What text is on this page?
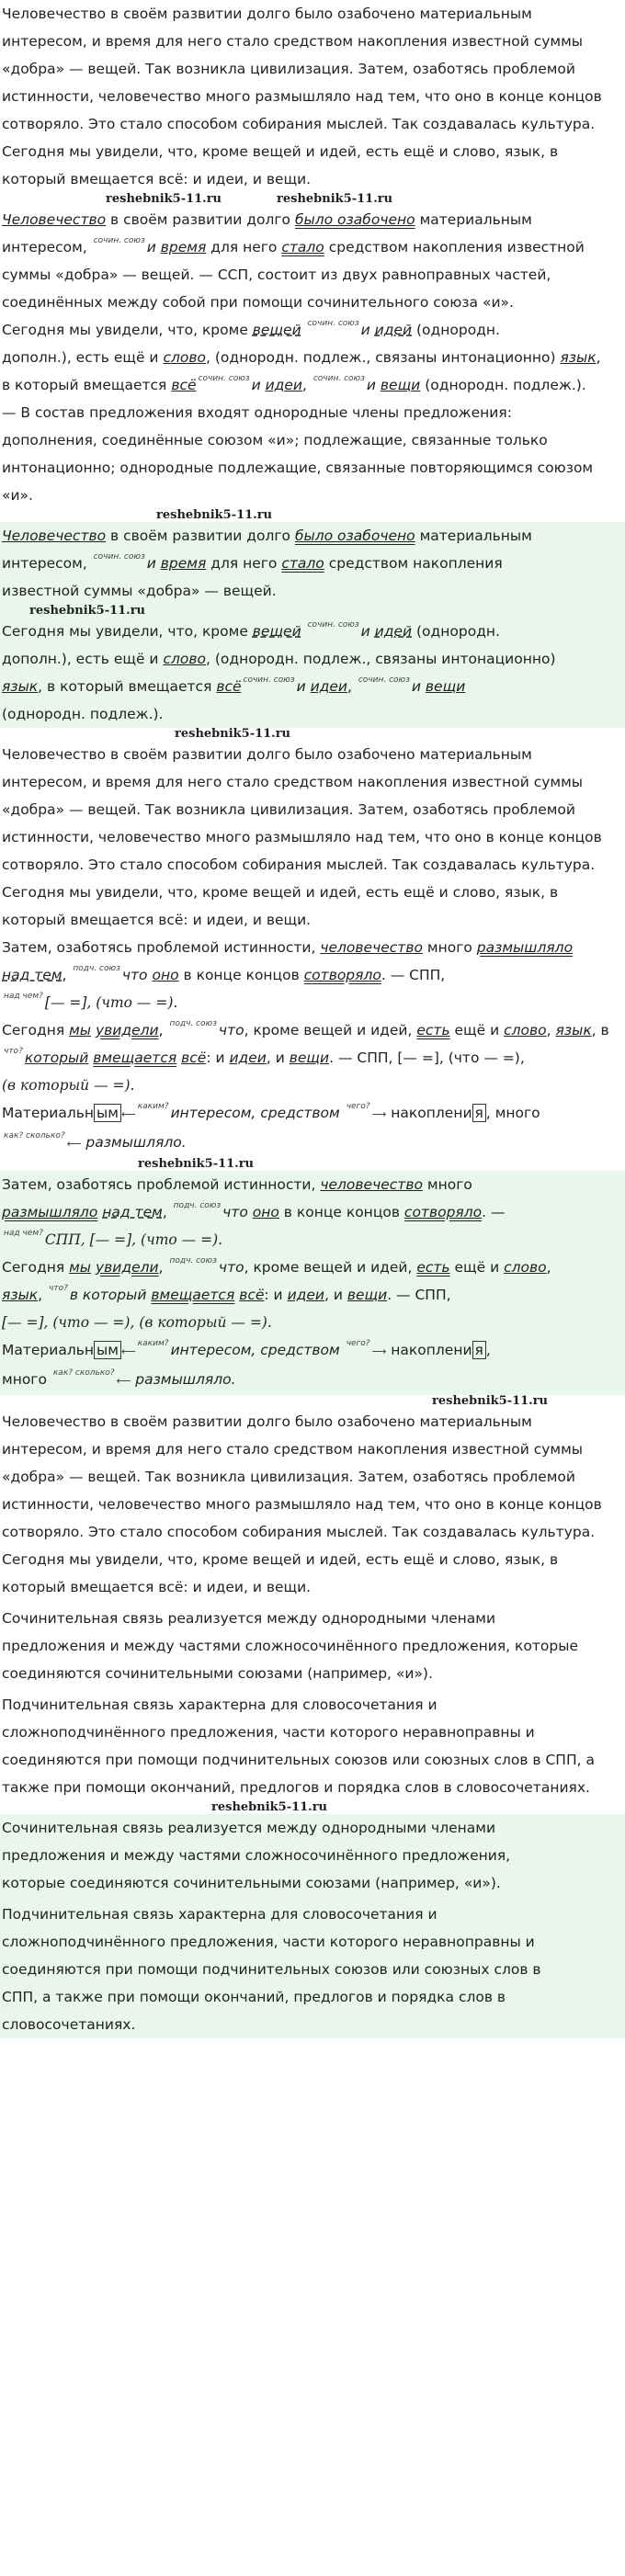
Человечество в своём развитии долго было озабочено материальным
интересом, и время для него стало средством накопления известной суммы
«добра» — вещей. Так возникла цивилизация. Затем, озаботясь проблемой
истинности, человечество много размышляло над тем, что оно в конце концов
сотворяло. Это стало способом собирания мыслей. Так создавалась культура.
Сегодня мы увидели, что, кроме вещей и идей, есть ещё и слово, язык, в
который вмещается всё: и идеи, и вещи.

reshebnik5-11.ru	reshebnik5-11.ru

Человечество в своём развитии долго было озабочено материальным
интересом, $^{сочин. союз}$ и время для него стало средством накопления известной
суммы «добра» — вещей. — ССП, состоит из двух равноправных частей,
соединённых между собой при помощи сочинительного союза «и».
Сегодня мы увидели, что, кроме вещей $^{сочин. союз}$ и идей (однородн.
дополн.), есть ещё и слово, (однородн. подлеж., связаны интонационно) язык,
в который вмещается всё $^{сочин. союз}$ и идеи, $^{сочин. союз}$ и вещи (однородн. подлеж.).
— В состав предложения входят однородные члены предложения:
дополнения, соединённые союзом «и»; подлежащие, связанные только
интонационно; однородные подлежащие, связанные повторяющимся союзом
«и».

reshebnik5-11.ru

Человечество в своём развитии долго было озабочено материальным
интересом, $^{сочин. союз}$ и время для него стало средством накопления
известной суммы «добра» — вещей.

reshebnik5-11.ru
Сегодня мы увидели, что, кроме вещей $^{сочин. союз}$ и идей (однородн.
дополн.), есть ещё и слово, (однородн. подлеж., связаны интонационно)
язык, в который вмещается всё $^{сочин. союз}$ и идеи, $^{сочин. союз}$ и вещи
(однородн. подлеж.).

reshebnik5-11.ru

Человечество в своём развитии долго было озабочено материальным
интересом, и время для него стало средством накопления известной суммы
«добра» — вещей. Так возникла цивилизация. Затем, озаботясь проблемой
истинности, человечество много размышляло над тем, что оно в конце концов
сотворяло. Это стало способом собирания мыслей. Так создавалась культура.
Сегодня мы увидели, что, кроме вещей и идей, есть ещё и слово, язык, в
который вмещается всё: и идеи, и вещи.

Затем, озаботясь проблемой истинности, человечество много размышляло
над тем, $^{подч. союз}$ что оно в конце концов сотворяло. — СПП,
$^{над чем?}$ [— =], (что — =).
Сегодня мы увидели, $^{подч. союз}$ что, кроме вещей и идей, есть ещё и слово, язык, в
$^{что?}$ который вмещается всё: и идеи, и вещи. — СПП, [— =], (что — =),
(в который — =).
Материальн ым ⟵$^{каким?}$ интересом, средством $^{чего?}$⟶ накоплени я , много
$^{как? сколько?}$⟵ размышляло.

reshebnik5-11.ru

Затем, озаботясь проблемой истинности, человечество много
размышляло над тем, $^{подч. союз}$ что оно в конце концов сотворяло. —
$^{над чем?}$ СПП, [— =], (что — =).
Сегодня мы увидели, $^{подч. союз}$ что, кроме вещей и идей, есть ещё и слово,
язык, $^{что?}$ в который вмещается всё: и идеи, и вещи. — СПП,
[— =], (что — =), (в который — =).
Материальн ым ⟵$^{каким?}$ интересом, средством $^{чего?}$⟶ накоплени я ,
много $^{как? сколько?}$⟵ размышляло.

reshebnik5-11.ru

Человечество в своём развитии долго было озабочено материальным
интересом, и время для него стало средством накопления известной суммы
«добра» — вещей. Так возникла цивилизация. Затем, озаботясь проблемой
истинности, человечество много размышляло над тем, что оно в конце концов
сотворяло. Это стало способом собирания мыслей. Так создавалась культура.
Сегодня мы увидели, что, кроме вещей и идей, есть ещё и слово, язык, в
который вмещается всё: и идеи, и вещи.

Сочинительная связь реализуется между однородными членами
предложения и между частями сложносочинённого предложения, которые
соединяются сочинительными союзами (например, «и»).

Подчинительная связь характерна для словосочетания и
сложноподчинённого предложения, части которого неравноправны и
соединяются при помощи подчинительных союзов или союзных слов в СПП, а
также при помощи окончаний, предлогов и порядка слов в словосочетаниях.

reshebnik5-11.ru

Сочинительная связь реализуется между однородными членами
предложения и между частями сложносочинённого предложения,
которые соединяются сочинительными союзами (например, «и»).

Подчинительная связь характерна для словосочетания и
сложноподчинённого предложения, части которого неравноправны и
соединяются при помощи подчинительных союзов или союзных слов в
СПП, а также при помощи окончаний, предлогов и порядка слов в
словосочетаниях.
